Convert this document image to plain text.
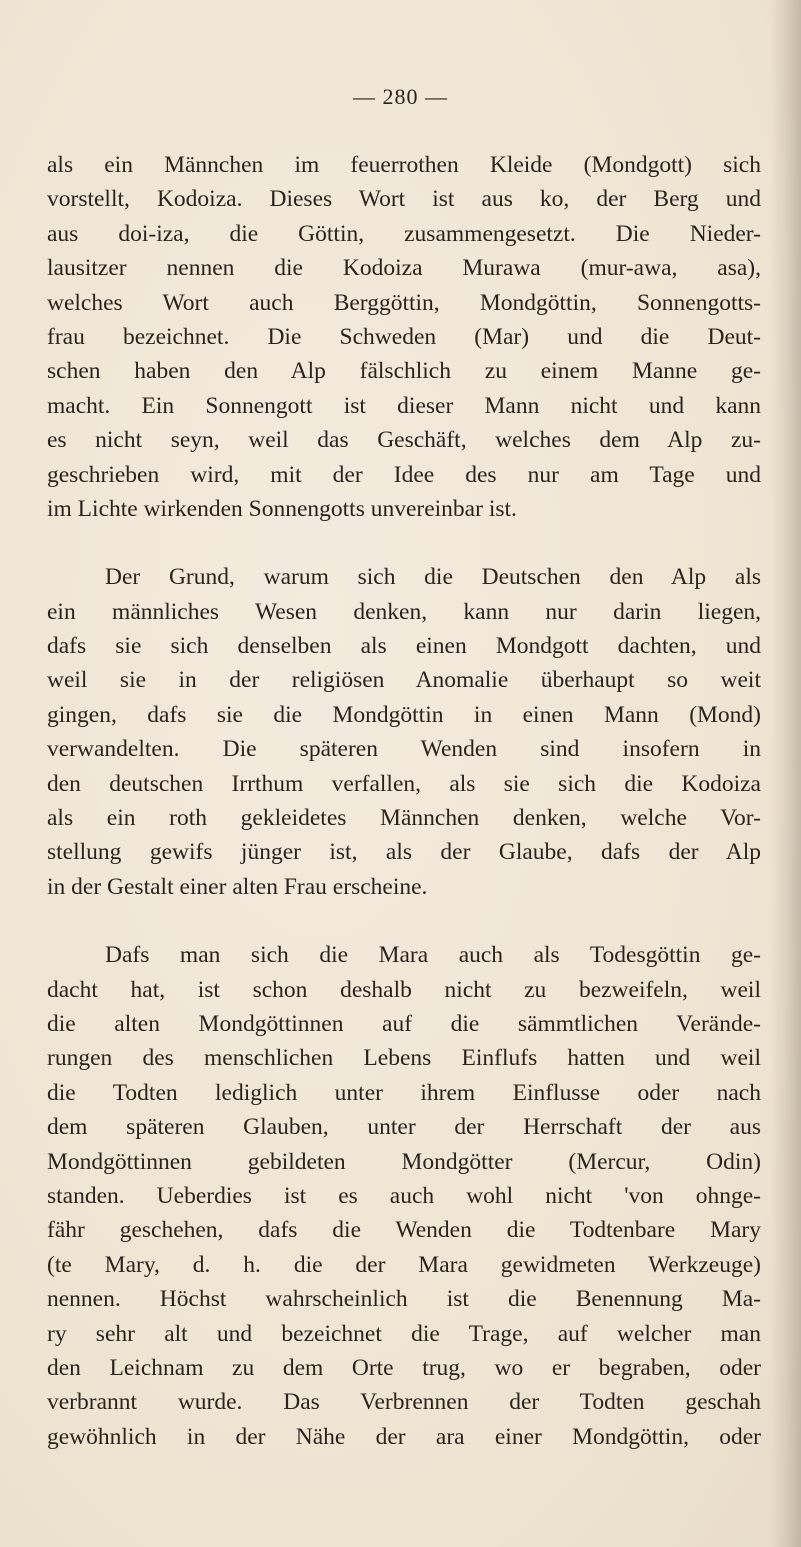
— 280 —
als ein Männchen im feuerrothen Kleide (Mondgott) sich
vorstellt, Kodoiza. Dieses Wort ist aus ko, der Berg und
aus doi-iza, die Göttin, zusammengesetzt. Die Nieder-
lausitzer nennen die Kodoiza Murawa (mur-awa, asa),
welches Wort auch Berggöttin, Mondgöttin, Sonnengotts-
frau bezeichnet. Die Schweden (Mar) und die Deut-
schen haben den Alp fälschlich zu einem Manne ge-
macht. Ein Sonnengott ist dieser Mann nicht und kann
es nicht seyn, weil das Geschäft, welches dem Alp zu-
geschrieben wird, mit der Idee des nur am Tage und
im Lichte wirkenden Sonnengotts unvereinbar ist.
Der Grund, warum sich die Deutschen den Alp als
ein männliches Wesen denken, kann nur darin liegen,
dafs sie sich denselben als einen Mondgott dachten, und
weil sie in der religiösen Anomalie überhaupt so weit
gingen, dafs sie die Mondgöttin in einen Mann (Mond)
verwandelten. Die späteren Wenden sind insofern in
den deutschen Irrthum verfallen, als sie sich die Kodoiza
als ein roth gekleidetes Männchen denken, welche Vor-
stellung gewifs jünger ist, als der Glaube, dafs der Alp
in der Gestalt einer alten Frau erscheine.
Dafs man sich die Mara auch als Todesgöttin ge-
dacht hat, ist schon deshalb nicht zu bezweifeln, weil
die alten Mondgöttinnen auf die sämmtlichen Verände-
rungen des menschlichen Lebens Einflufs hatten und weil
die Todten lediglich unter ihrem Einflusse oder nach
dem späteren Glauben, unter der Herrschaft der aus
Mondgöttinnen gebildeten Mondgötter (Mercur, Odin)
standen. Ueberdies ist es auch wohl nicht 'von ohnge-
fähr geschehen, dafs die Wenden die Todtenbare Mary
(te Mary, d. h. die der Mara gewidmeten Werkzeuge)
nennen. Höchst wahrscheinlich ist die Benennung Ma-
ry sehr alt und bezeichnet die Trage, auf welcher man
den Leichnam zu dem Orte trug, wo er begraben, oder
verbrannt wurde. Das Verbrennen der Todten geschah
gewöhnlich in der Nähe der ara einer Mondgöttin, oder
